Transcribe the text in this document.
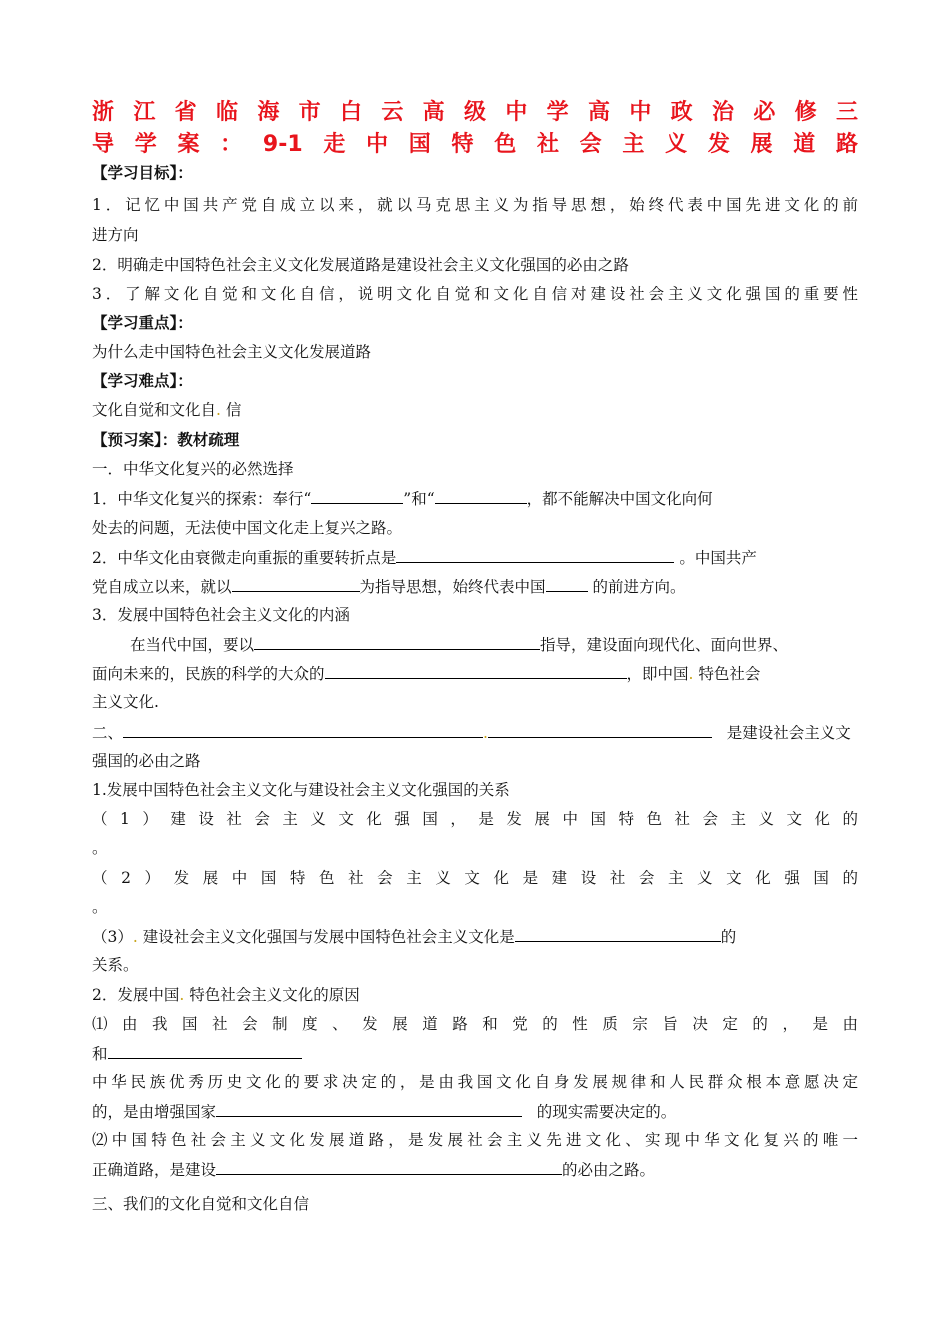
浙江省临海市白云高级中学高中政治必修三
导学案：9-1走中国特色社会主义发展道路
【学习目标】：
1．记忆中国共产党自成立以来，就以马克思主义为指导思想，始终代表中国先进文化的前
进方向
2．明确走中国特色社会主义文化发展道路是建设社会主义文化强国的必由之路
3．了解文化自觉和文化自信，说明文化自觉和文化自信对建设社会主义文化强国的重要性
【学习重点】：
为什么走中国特色社会主义文化发展道路
【学习难点】：
文化自觉和文化自. 信
【预习案】：教材疏理
一．中华文化复兴的必然选择
1．中华文化复兴的探索：奉行“	”和“	，都不能解决中国文化向何
处去的问题，无法使中国文化走上复兴之路。
2．中华文化由衰微走向重振的重要转折点是	。中国共产
党自成立以来，就以	为指导思想，始终代表中国	的前进方向。
3．发展中国特色社会主义文化的内涵
在当代中国，要以	指导，建设面向现代化、面向世界、
面向未来的，民族的科学的大众的	，即中国. 特色社会
主义文化.
二、	.	是建设社会主义文
强国的必由之路
1.发展中国特色社会主义文化与建设社会主义文化强国的关系
（1）建设社会主义文化强国，是发展中国特色社会主义文化的
。
（2）发展中国特色社会主义文化是建设社会主义文化强国的
。
（3）. 建设社会主义文化强国与发展中国特色社会主义文化是	的
关系。
2．发展中国. 特色社会主义文化的原因
⑴由我国社会制度、发展道路和党的性质宗旨决定的，是由
和
中华民族优秀历史文化的要求决定的，是由我国文化自身发展规律和人民群众根本意愿决定
的，是由增强国家	的现实需要决定的。
⑵中国特色社会主义文化发展道路，是发展社会主义先进文化、实现中华文化复兴的唯一
正确道路，是建设	的必由之路。
三、我们的文化自觉和文化自信
